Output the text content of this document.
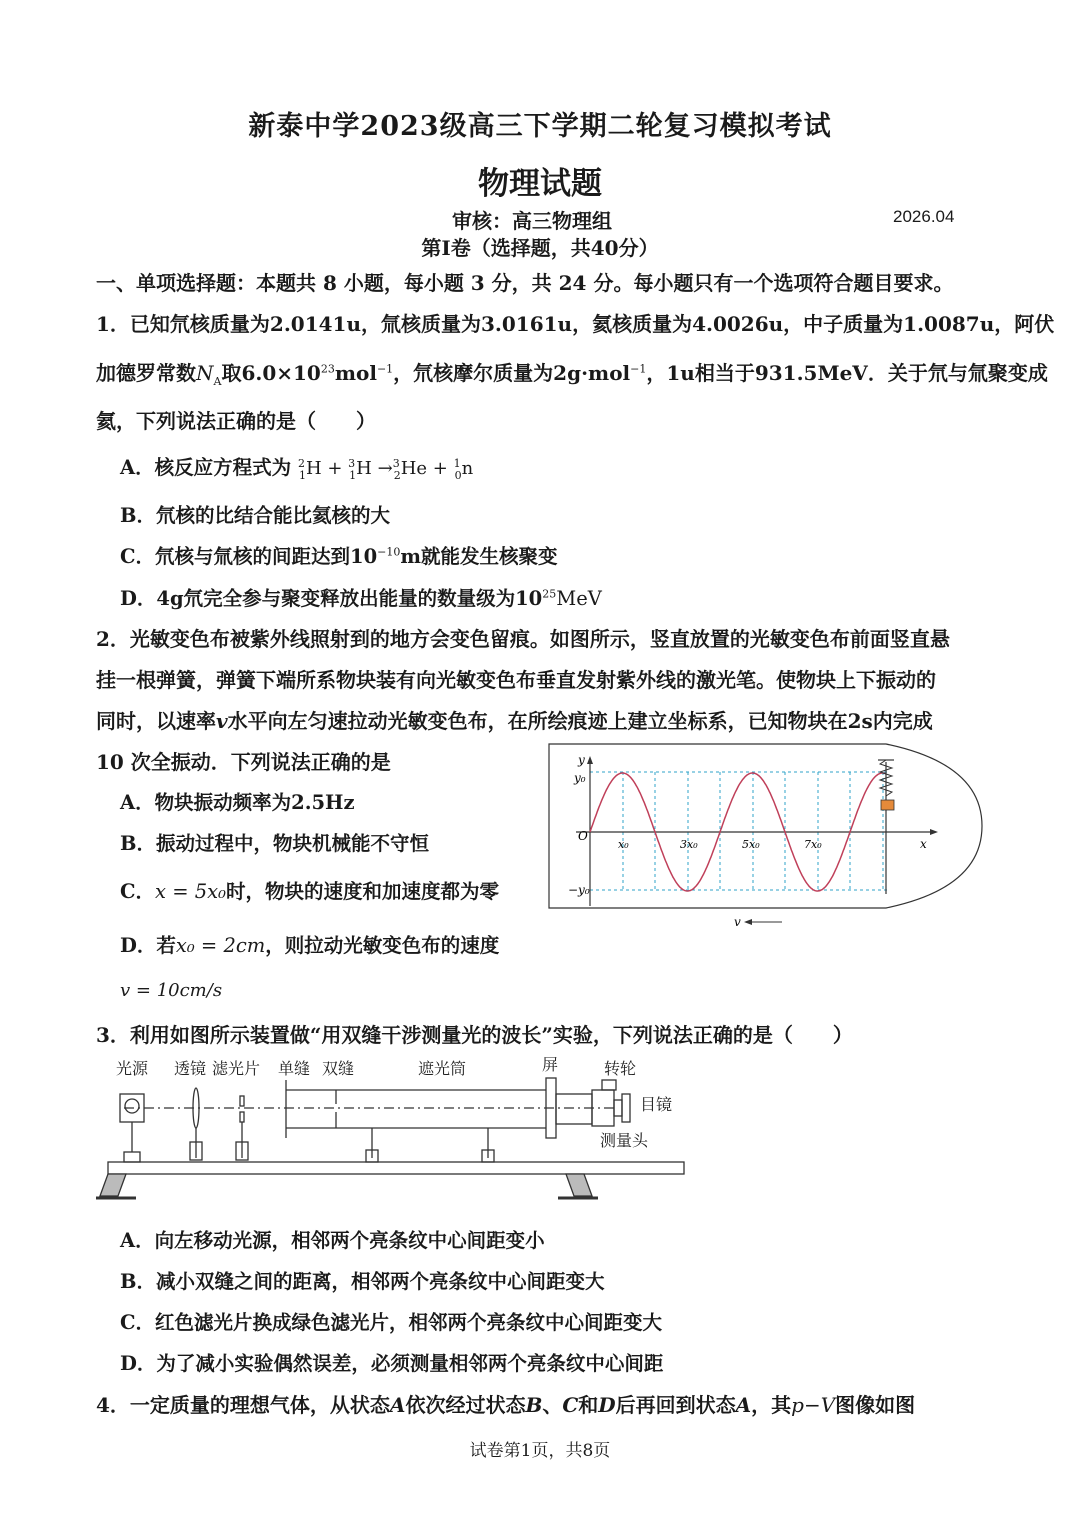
新泰中学2023级高三下学期二轮复习模拟考试
物理试题
审核：高三物理组	2026.04
第Ⅰ卷（选择题，共40分）
一、单项选择题：本题共 8 小题，每小题 3 分，共 24 分。每小题只有一个选项符合题目要求。
1．已知氘核质量为2.0141u，氚核质量为3.0161u，氦核质量为4.0026u，中子质量为1.0087u，阿伏
加德罗常数$N_A$取$6.0\times 10^{23}mol^{-1}$，氘核摩尔质量为2g·mol$^{-1}$，1u相当于931.5MeV．关于氘与氚聚变成
氦，下列说法正确的是（　　）
A．核反应方程式为 $^2_1$H + $^3_1$H →$^3_2$He + $^1_0$n
B．氘核的比结合能比氦核的大
C．氘核与氚核的间距达到$10^{-10}m$就能发生核聚变
D．4g氘完全参与聚变释放出能量的数量级为$10^{25}MeV$
2．光敏变色布被紫外线照射到的地方会变色留痕。如图所示，竖直放置的光敏变色布前面竖直悬
挂一根弹簧，弹簧下端所系物块装有向光敏变色布垂直发射紫外线的激光笔。使物块上下振动的
同时，以速率v水平向左匀速拉动光敏变色布，在所绘痕迹上建立坐标系，已知物块在2s内完成
10 次全振动．下列说法正确的是
A．物块振动频率为2.5Hz
B．振动过程中，物块机械能不守恒
C．x = 5x₀时，物块的速度和加速度都为零
D．若x₀ = 2cm，则拉动光敏变色布的速度
v = 10cm/s
y
y₀
O
−y₀
x
x₀	3x₀	5x₀	7x₀
v
3．利用如图所示装置做“用双缝干涉测量光的波长”实验，下列说法正确的是（　　）
光源 透镜 滤光片 单缝 双缝	遮光筒	屏	转轮
目镜
测量头
A．向左移动光源，相邻两个亮条纹中心间距变小
B．减小双缝之间的距离，相邻两个亮条纹中心间距变大
C．红色滤光片换成绿色滤光片，相邻两个亮条纹中心间距变大
D．为了减小实验偶然误差，必须测量相邻两个亮条纹中心间距
4．一定质量的理想气体，从状态A依次经过状态B、C和D后再回到状态A，其p−V图像如图
试卷第1页，共8页
